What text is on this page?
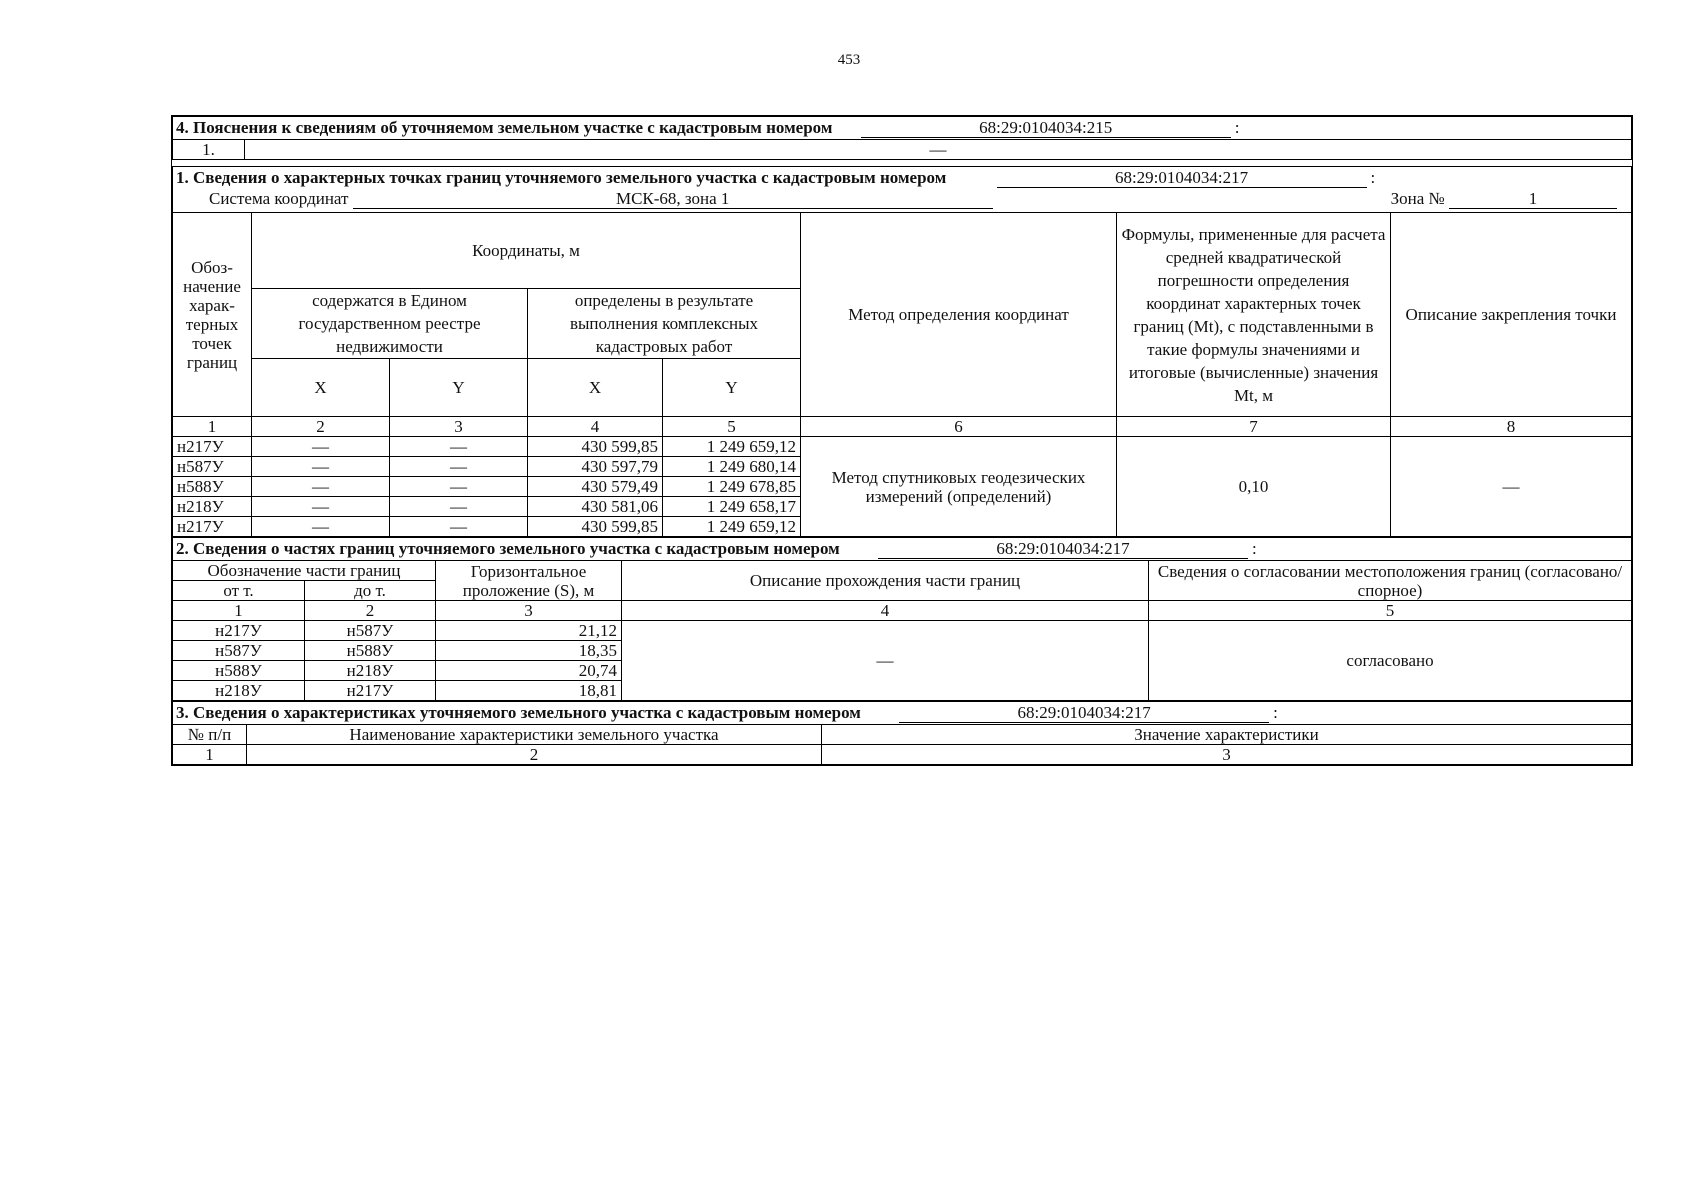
453
4. Пояснения к сведениям об уточняемом земельном участке с кадастровым номером	68:29:0104034:215	:
1.	—
1. Сведения о характерных точках границ уточняемого земельного участка с кадастровым номером 68:29:0104034:217 :							
Система координат МСК-68, зона 1 Зона № 1							

Обоз-начение харак-терных точек границ	Координаты, м				Метод определения координат	Формулы, примененные для расчета средней квадратической погрешности определения координат характерных точек границ (Mt), с подставленными в такие формулы значениями и итоговые (вычисленные) значения Mt, м	Описание закрепления точки
	содержатся в Едином государственном реестре недвижимости		определены в результате выполнения комплексных кадастровых работ				
	X	Y	X	Y			
1	2	3	4	5	6	7	8
н217У	—	—	430 599,85	1 249 659,12	Метод спутниковых геодезических измерений (определений)	0,10	—
н587У	—	—	430 597,79	1 249 680,14			
н588У	—	—	430 579,49	1 249 678,85			
н218У	—	—	430 581,06	1 249 658,17			
н217У	—	—	430 599,85	1 249 659,12			
2. Сведения о частях границ уточняемого земельного участка с кадастровым номером 68:29:0104034:217 :				
Обозначение части границ		Горизонтальное проложение (S), м	Описание прохождения части границ	Сведения о согласовании местоположения границ (согласовано/спорное)
от т.	до т.			
1	2	3	4	5
н217У	н587У	21,12	—	согласовано
н587У	н588У	18,35		
н588У	н218У	20,74		
н218У	н217У	18,81		
3. Сведения о характеристиках уточняемого земельного участка с кадастровым номером 68:29:0104034:217 :		
№ п/п	Наименование характеристики земельного участка	Значение характеристики
1	2	3
